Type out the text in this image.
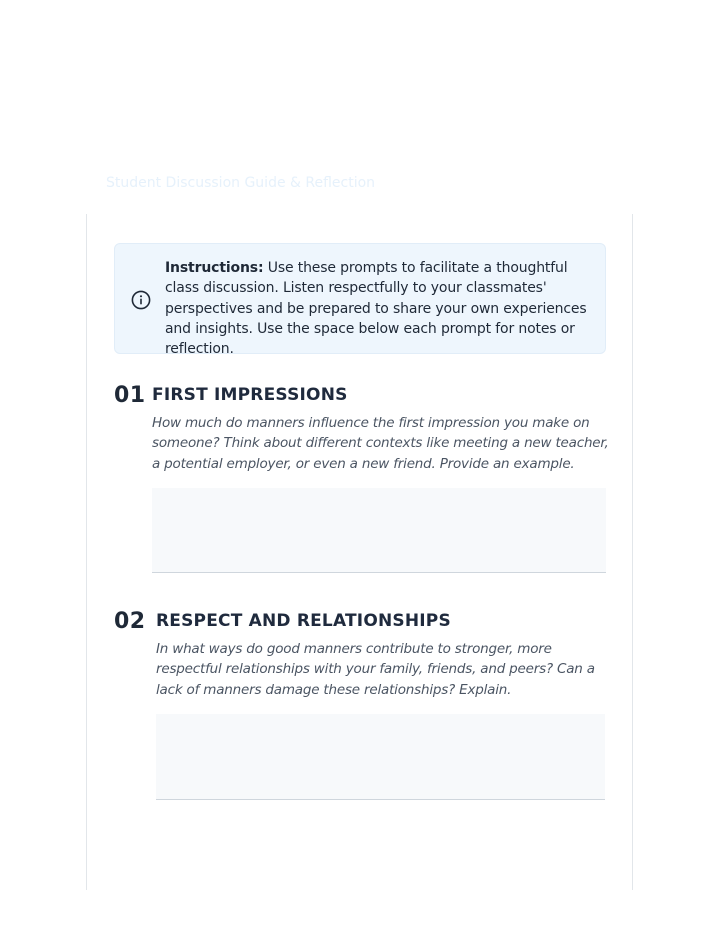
Student Discussion Guide & Reflection
Instructions: Use these prompts to facilitate a thoughtful class discussion. Listen respectfully to your classmates' perspectives and be prepared to share your own experiences and insights. Use the space below each prompt for notes or reflection.
01 FIRST IMPRESSIONS
How much do manners influence the first impression you make on someone? Think about different contexts like meeting a new teacher, a potential employer, or even a new friend. Provide an example.
02 RESPECT AND RELATIONSHIPS
In what ways do good manners contribute to stronger, more respectful relationships with your family, friends, and peers? Can a lack of manners damage these relationships? Explain.
